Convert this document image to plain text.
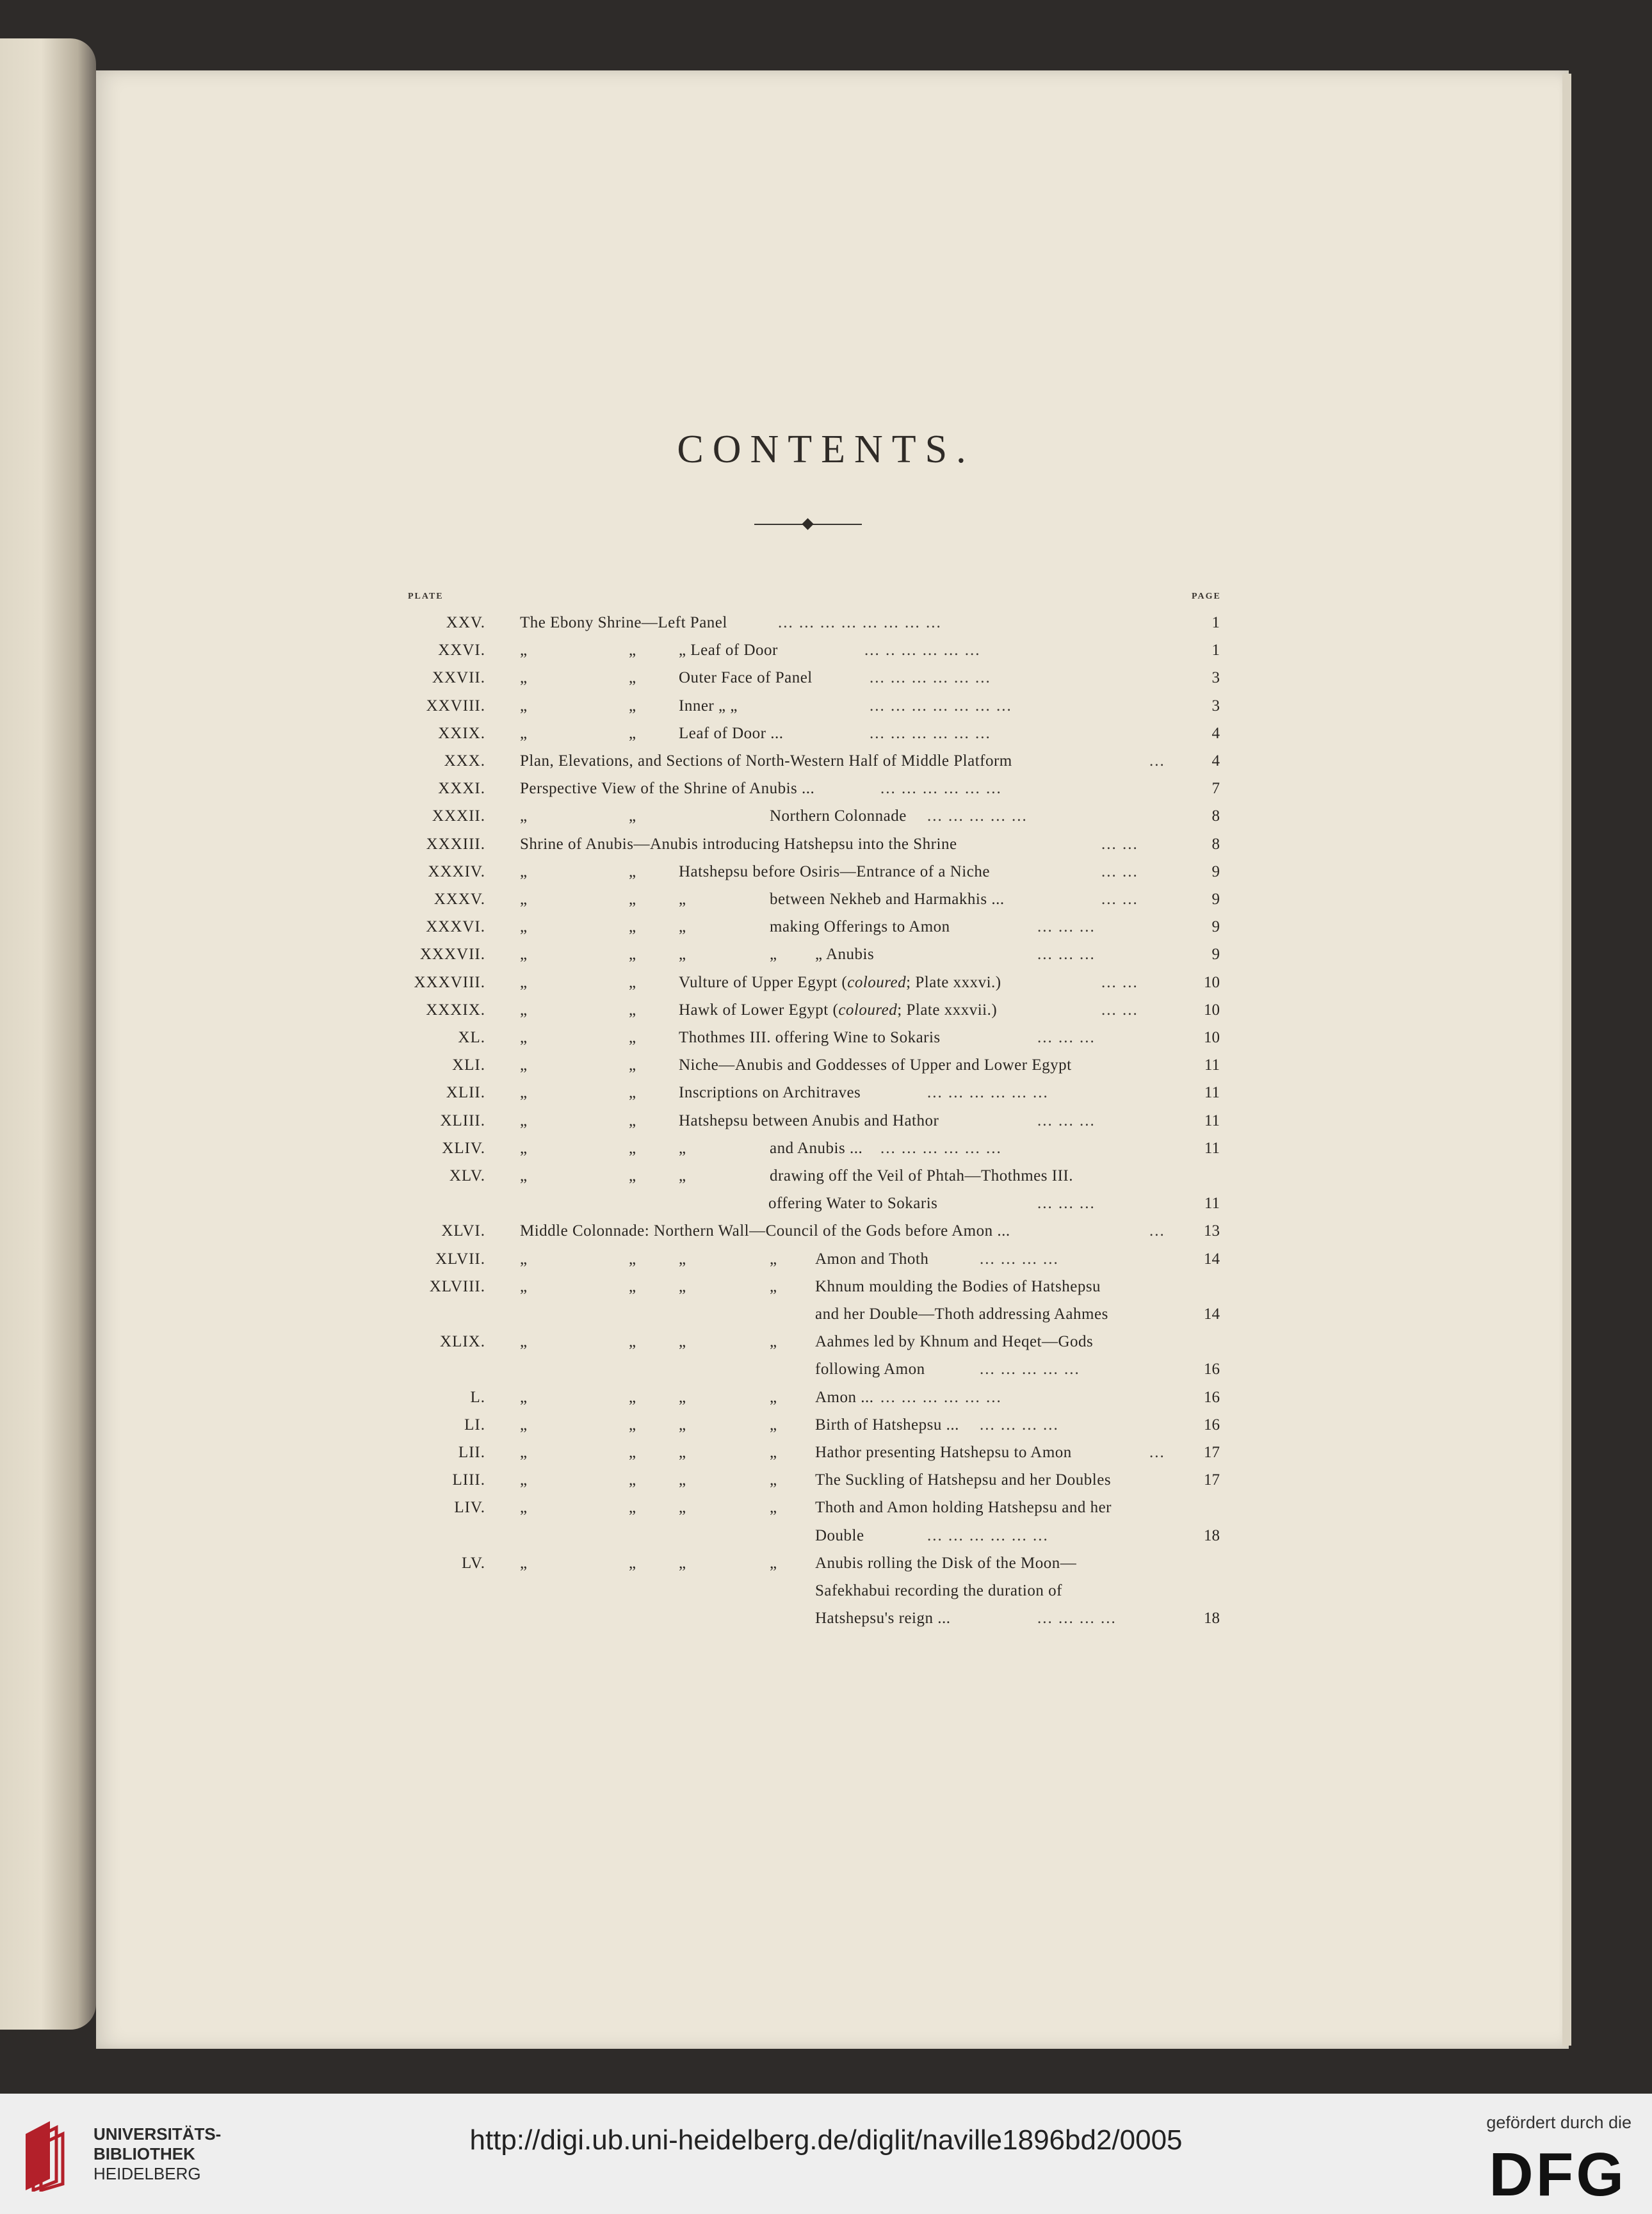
CONTENTS.
PLATE	PAGE
XXV. The Ebony Shrine—Left Panel	... ... ... ... ... ... ... ...	1
XXVI. „	„	„ Leaf of Door	... .. ... ... ... ...	1
XXVII. „	„	Outer Face of Panel	... ... ... ... ... ...	3
XXVIII. „	„	Inner „ „	... ... ... ... ... ... ...	3
XXIX. „	„	Leaf of Door ...	... ... ... ... ... ...	4
XXX. Plan, Elevations, and Sections of North-Western Half of Middle Platform	...	4
XXXI. Perspective View of the Shrine of Anubis ...	... ... ... ... ... ...	7
XXXII. „	„	Northern Colonnade ... ... ... ... ...	8
XXXIII. Shrine of Anubis—Anubis introducing Hatshepsu into the Shrine	... ...	8
XXXIV. „	„	Hatshepsu before Osiris—Entrance of a Niche	... ...	9
XXXV. „	„	„	between Nekheb and Harmakhis ...	... ...	9
XXXVI. „	„	„	making Offerings to Amon	... ... ...	9
XXXVII. „	„	„	„ „ Anubis	... ... ...	9
XXXVIII. „	„	Vulture of Upper Egypt (coloured; Plate xxxvi.)	... ...	10
XXXIX. „	„	Hawk of Lower Egypt (coloured; Plate xxxvii.)	... ...	10
XL. „	„	Thothmes III. offering Wine to Sokaris	... ... ...	10
XLI. „	„	Niche—Anubis and Goddesses of Upper and Lower Egypt	11
XLII. „	„	Inscriptions on Architraves	... ... ... ... ... ...	11
XLIII. „	„	Hatshepsu between Anubis and Hathor	... ... ...	11
XLIV. „	„	„	and Anubis ... ... ... ... ... ... ...	11
XLV. „	„	„	drawing off the Veil of Phtah—Thothmes III.
offering Water to Sokaris	... ... ...	11
XLVI. Middle Colonnade: Northern Wall—Council of the Gods before Amon ...	... 13
XLVII. „	„	„	„ Amon and Thoth	... ... ... ...	14
XLVIII. „	„	„	„ Khnum moulding the Bodies of Hatshepsu
and her Double—Thoth addressing Aahmes	14
XLIX. „	„	„	„ Aahmes led by Khnum and Heqet—Gods
following Amon	... ... ... ... ...	16
L. „	„	„	„ Amon ... ... ... ... ... ... ...	16
LI. „	„	„	„ Birth of Hatshepsu ... ... ... ... ...	16
LII. „	„	„	„ Hathor presenting Hatshepsu to Amon	... 17
LIII. „	„	„	„ The Suckling of Hatshepsu and her Doubles	17
LIV. „	„	„	„ Thoth and Amon holding Hatshepsu and her
Double	... ... ... ... ... ...	18
LV. „	„	„	„ Anubis rolling the Disk of the Moon—
Safekhabui recording the duration of
Hatshepsu's reign ...	... ... ... ...	18
UNIVERSITÄTS-
BIBLIOTHEK
HEIDELBERG
http://digi.ub.uni-heidelberg.de/diglit/naville1896bd2/0005
gefördert durch die
DFG
